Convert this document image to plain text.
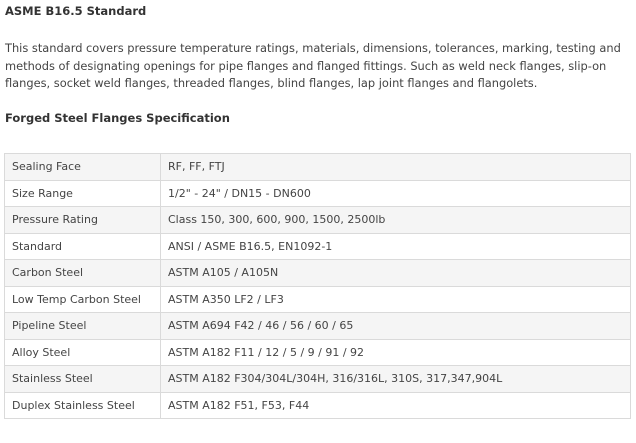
ASME B16.5 Standard

This standard covers pressure temperature ratings, materials, dimensions, tolerances, marking, testing and methods of designating openings for pipe flanges and flanged fittings. Such as weld neck flanges, slip-on flanges, socket weld flanges, threaded flanges, blind flanges, lap joint flanges and flangolets.

Forged Steel Flanges Specification
Sealing Face	RF, FF, FTJ
Size Range	1/2" - 24" / DN15 - DN600
Pressure Rating	Class 150, 300, 600, 900, 1500, 2500lb
Standard	ANSI / ASME B16.5, EN1092-1
Carbon Steel	ASTM A105 / A105N
Low Temp Carbon Steel	ASTM A350 LF2 / LF3
Pipeline Steel	ASTM A694 F42 / 46 / 56 / 60 / 65
Alloy Steel	ASTM A182 F11 / 12 / 5 / 9 / 91 / 92
Stainless Steel	ASTM A182 F304/304L/304H, 316/316L, 310S, 317,347,904L
Duplex Stainless Steel	ASTM A182 F51, F53, F44
